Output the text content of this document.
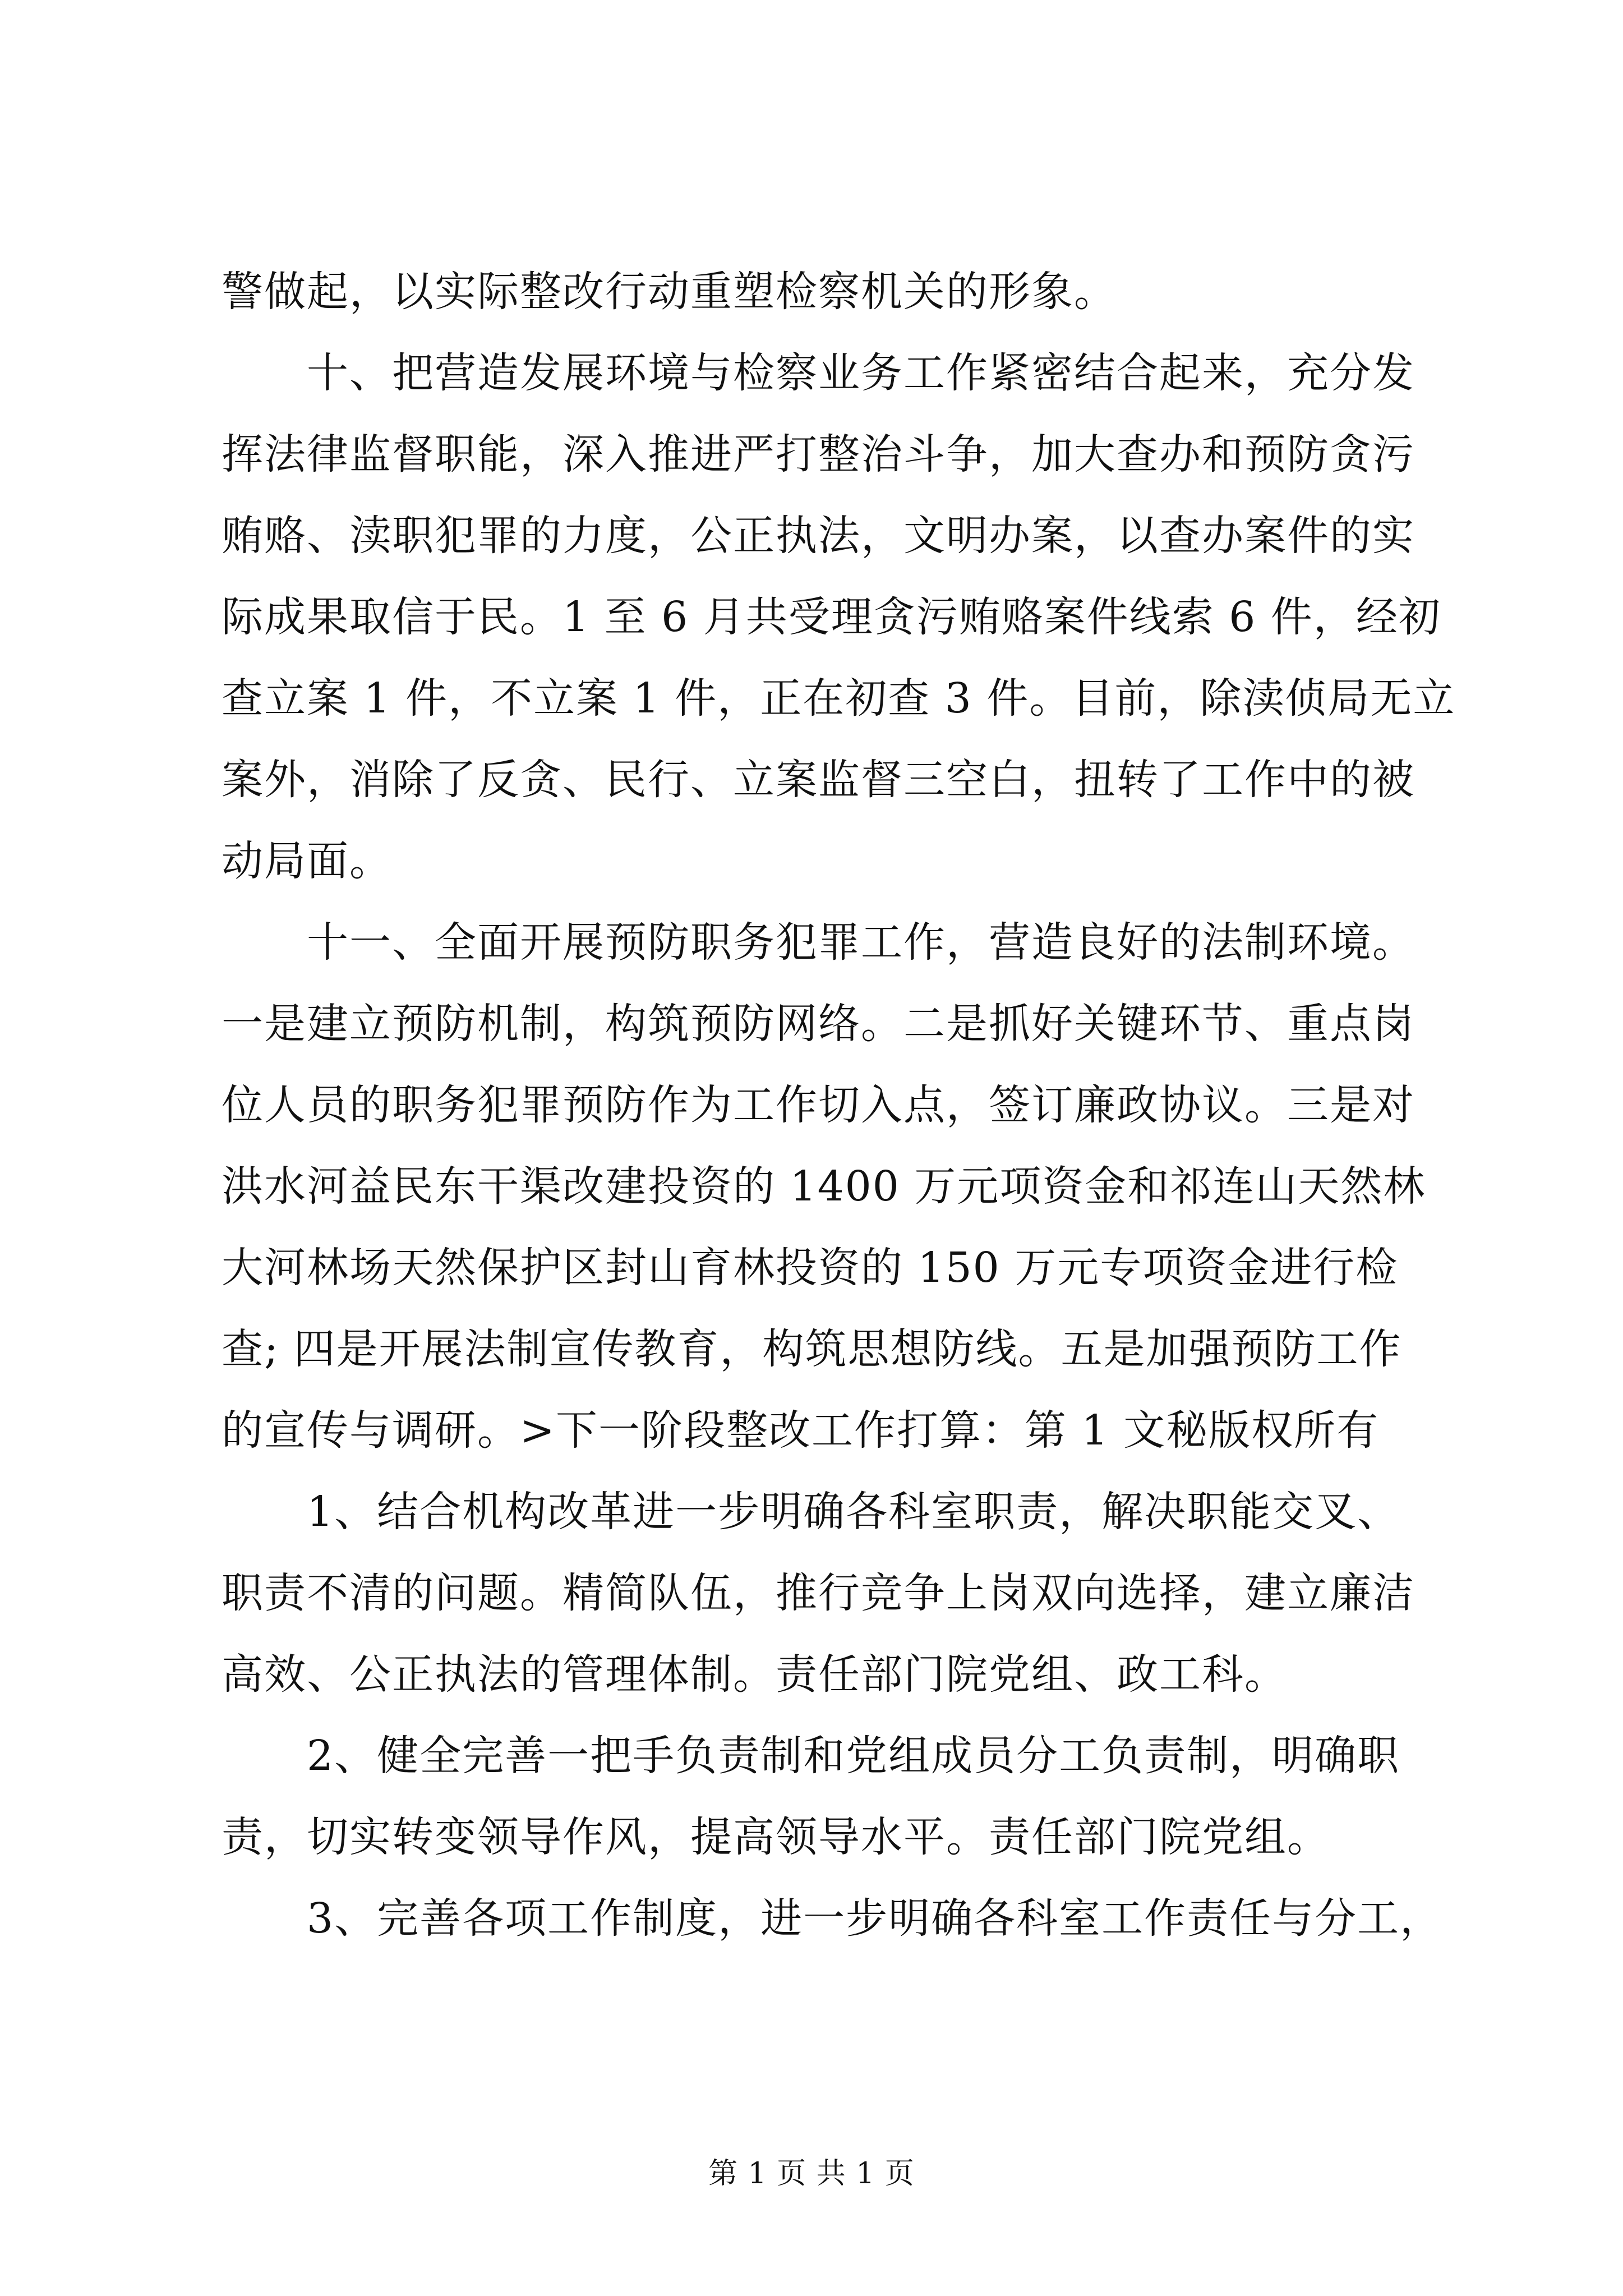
警做起，以实际整改行动重塑检察机关的形象。
十、把营造发展环境与检察业务工作紧密结合起来，充分发
挥法律监督职能，深入推进严打整治斗争，加大查办和预防贪污
贿赂、渎职犯罪的力度，公正执法，文明办案，以查办案件的实
际成果取信于民。1 至 6 月共受理贪污贿赂案件线索 6 件，经初
查立案 1 件，不立案 1 件，正在初查 3 件。目前，除渎侦局无立
案外，消除了反贪、民行、立案监督三空白，扭转了工作中的被
动局面。
十一、全面开展预防职务犯罪工作，营造良好的法制环境。
一是建立预防机制，构筑预防网络。二是抓好关键环节、重点岗
位人员的职务犯罪预防作为工作切入点，签订廉政协议。三是对
洪水河益民东干渠改建投资的 1400 万元项资金和祁连山天然林
大河林场天然保护区封山育林投资的 150 万元专项资金进行检
查; 四是开展法制宣传教育，构筑思想防线。五是加强预防工作
的宣传与调研。>下一阶段整改工作打算：第 1 文秘版权所有
1、结合机构改革进一步明确各科室职责，解决职能交叉、
职责不清的问题。精简队伍，推行竞争上岗双向选择，建立廉洁
高效、公正执法的管理体制。责任部门院党组、政工科。
2、健全完善一把手负责制和党组成员分工负责制，明确职
责，切实转变领导作风，提高领导水平。责任部门院党组。
3、完善各项工作制度，进一步明确各科室工作责任与分工，
第 1 页 共 1 页
